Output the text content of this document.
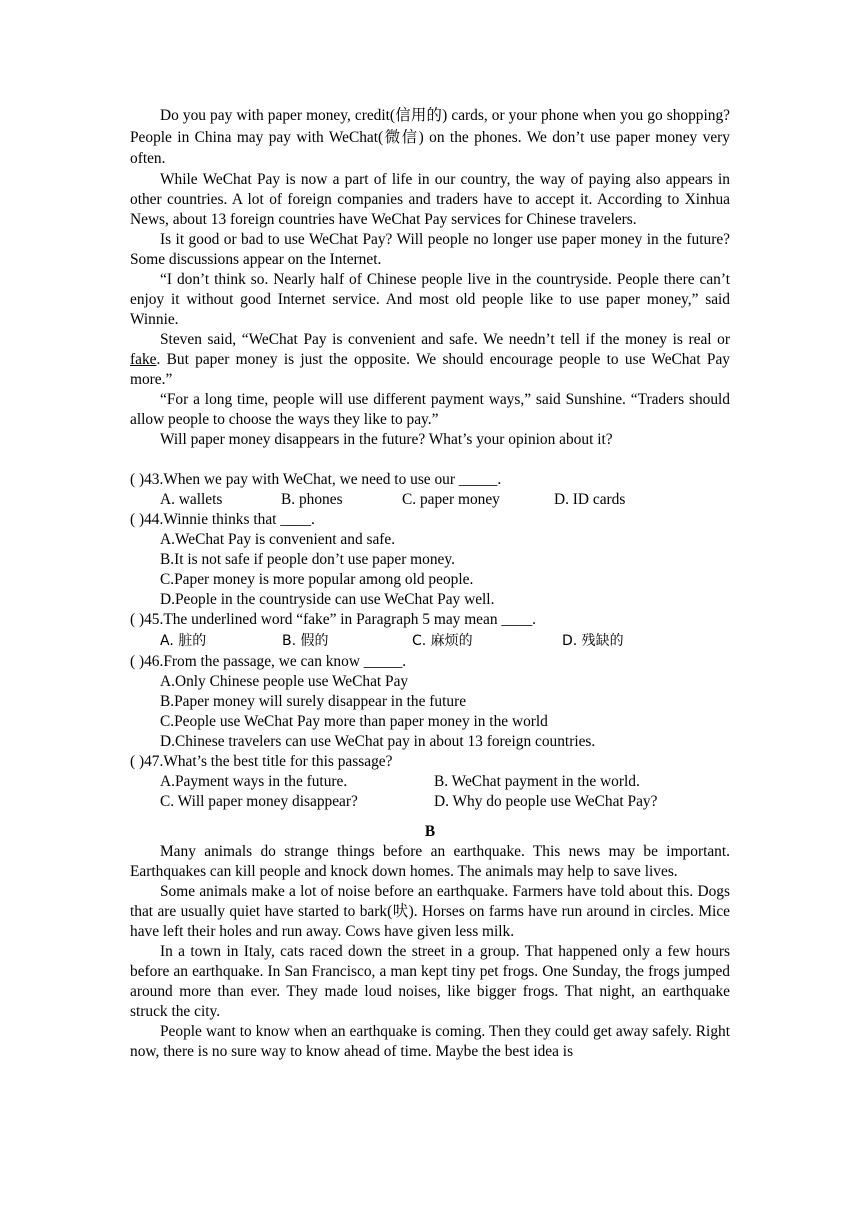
Do you pay with paper money, credit(信用的) cards, or your phone when you go shopping? People in China may pay with WeChat(微信) on the phones. We don’t use paper money very often.

While WeChat Pay is now a part of life in our country, the way of paying also appears in other countries. A lot of foreign companies and traders have to accept it. According to Xinhua News, about 13 foreign countries have WeChat Pay services for Chinese travelers.

Is it good or bad to use WeChat Pay? Will people no longer use paper money in the future? Some discussions appear on the Internet.

“I don’t think so. Nearly half of Chinese people live in the countryside. People there can’t enjoy it without good Internet service. And most old people like to use paper money,” said Winnie.

Steven said, “WeChat Pay is convenient and safe. We needn’t tell if the money is real or fake. But paper money is just the opposite. We should encourage people to use WeChat Pay more.”

“For a long time, people will use different payment ways,” said Sunshine. “Traders should allow people to choose the ways they like to pay.”

Will paper money disappears in the future? What’s your opinion about it?

( )43.When we pay with WeChat, we need to use our _____.

A. wallets	B. phones	C. paper money	D. ID cards

( )44.Winnie thinks that ____.

A.WeChat Pay is convenient and safe.

B.It is not safe if people don’t use paper money.

C.Paper money is more popular among old people.

D.People in the countryside can use WeChat Pay well.

( )45.The underlined word “fake” in Paragraph 5 may mean ____.

A. 脏的	B. 假的	C. 麻烦的	D. 残缺的

( )46.From the passage, we can know _____.

A.Only Chinese people use WeChat Pay

B.Paper money will surely disappear in the future

C.People use WeChat Pay more than paper money in the world

D.Chinese travelers can use WeChat pay in about 13 foreign countries.

( )47.What’s the best title for this passage?

A.Payment ways in the future.	B. WeChat payment in the world.
C. Will paper money disappear?	D. Why do people use WeChat Pay?

B

Many animals do strange things before an earthquake. This news may be important. Earthquakes can kill people and knock down homes. The animals may help to save lives.

Some animals make a lot of noise before an earthquake. Farmers have told about this. Dogs that are usually quiet have started to bark(吠). Horses on farms have run around in circles. Mice have left their holes and run away. Cows have given less milk.

In a town in Italy, cats raced down the street in a group. That happened only a few hours before an earthquake. In San Francisco, a man kept tiny pet frogs. One Sunday, the frogs jumped around more than ever. They made loud noises, like bigger frogs. That night, an earthquake struck the city.

People want to know when an earthquake is coming. Then they could get away safely. Right now, there is no sure way to know ahead of time. Maybe the best idea is
